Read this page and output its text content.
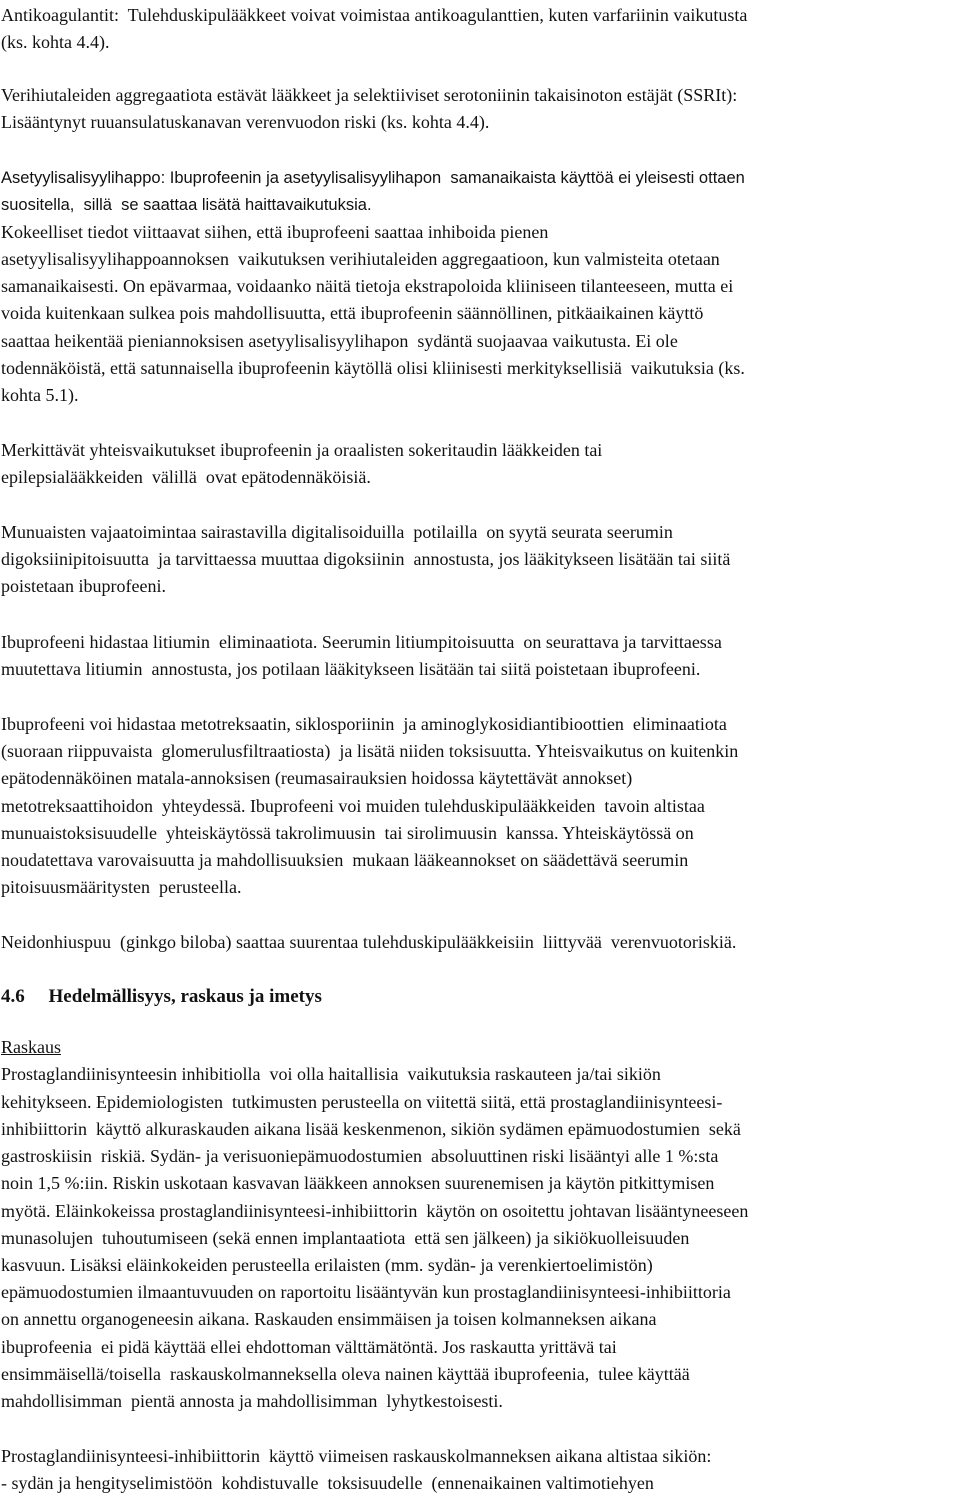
Antikoagulantit:  Tulehduskipulääkkeet voivat voimistaa antikoagulanttien, kuten varfariinin vaikutusta
(ks. kohta 4.4).
Verihiutaleiden aggregaatiota estävät lääkkeet ja selektiiviset serotoniinin takaisinoton estäjät (SSRIt):
Lisääntynyt ruuansulatuskanavan verenvuodon riski (ks. kohta 4.4).
Asetyylisalisyylihappo: Ibuprofeenin ja asetyylisalisyylihapon  samanaikaista käyttöä ei yleisesti ottaen
suositella,  sillä  se saattaa lisätä haittavaikutuksia.
Kokeelliset tiedot viittaavat siihen, että ibuprofeeni saattaa inhiboida pienen
asetyylisalisyylihappoannoksen  vaikutuksen verihiutaleiden aggregaatioon, kun valmisteita otetaan
samanaikaisesti. On epävarmaa, voidaanko näitä tietoja ekstrapoloida kliiniseen tilanteeseen, mutta ei
voida kuitenkaan sulkea pois mahdollisuutta, että ibuprofeenin säännöllinen, pitkäaikainen käyttö
saattaa heikentää pieniannoksisen asetyylisalisyylihapon  sydäntä suojaavaa vaikutusta. Ei ole
todennäköistä, että satunnaisella ibuprofeenin käytöllä olisi kliinisesti merkityksellisiä  vaikutuksia (ks.
kohta 5.1).
Merkittävät yhteisvaikutukset ibuprofeenin ja oraalisten sokeritaudin lääkkeiden tai
epilepsialääkkeiden  välillä  ovat epätodennäköisiä.
Munuaisten vajaatoimintaa sairastavilla digitalisoiduilla  potilailla  on syytä seurata seerumin
digoksiinipitoisuutta  ja tarvittaessa muuttaa digoksiinin  annostusta, jos lääkitykseen lisätään tai siitä
poistetaan ibuprofeeni.
Ibuprofeeni hidastaa litiumin  eliminaatiota. Seerumin litiumpitoisuutta  on seurattava ja tarvittaessa
muutettava litiumin  annostusta, jos potilaan lääkitykseen lisätään tai siitä poistetaan ibuprofeeni.
Ibuprofeeni voi hidastaa metotreksaatin, siklosporiinin  ja aminoglykosidiantibioottien  eliminaatiota
(suoraan riippuvaista  glomerulusfiltraatiosta)  ja lisätä niiden toksisuutta. Yhteisvaikutus on kuitenkin
epätodennäköinen matala-annoksisen (reumasairauksien hoidossa käytettävät annokset)
metotreksaattihoidon  yhteydessä. Ibuprofeeni voi muiden tulehduskipulääkkeiden  tavoin altistaa
munuaistoksisuudelle  yhteiskäytössä takrolimuusin  tai sirolimuusin  kanssa. Yhteiskäytössä on
noudatettava varovaisuutta ja mahdollisuuksien  mukaan lääkeannokset on säädettävä seerumin
pitoisuusmääritysten  perusteella.
Neidonhiuspuu  (ginkgo biloba) saattaa suurentaa tulehduskipulääkkeisiin  liittyvää  verenvuotoriskiä.
4.6     Hedelmällisyys, raskaus ja imetys
Raskaus
Prostaglandiinisynteesin inhibitiolla  voi olla haitallisia  vaikutuksia raskauteen ja/tai sikiön
kehitykseen. Epidemiologisten  tutkimusten perusteella on viitettä siitä, että prostaglandiinisynteesi-
inhibiittorin  käyttö alkuraskauden aikana lisää keskenmenon, sikiön sydämen epämuodostumien  sekä
gastroskiisin  riskiä. Sydän- ja verisuoniepämuodostumien  absoluuttinen riski lisääntyi alle 1 %:sta
noin 1,5 %:iin. Riskin uskotaan kasvavan lääkkeen annoksen suurenemisen ja käytön pitkittymisen
myötä. Eläinkokeissa prostaglandiinisynteesi-inhibiittorin  käytön on osoitettu johtavan lisääntyneeseen
munasolujen  tuhoutumiseen (sekä ennen implantaatiota  että sen jälkeen) ja sikiökuolleisuuden
kasvuun. Lisäksi eläinkokeiden perusteella erilaisten (mm. sydän- ja verenkiertoelimistön)
epämuodostumien ilmaantuvuuden on raportoitu lisääntyvän kun prostaglandiinisynteesi-inhibiittoria
on annettu organogeneesin aikana. Raskauden ensimmäisen ja toisen kolmanneksen aikana
ibuprofeenia  ei pidä käyttää ellei ehdottoman välttämätöntä. Jos raskautta yrittävä tai
ensimmäisellä/toisella  raskauskolmanneksella oleva nainen käyttää ibuprofeenia,  tulee käyttää
mahdollisimman  pientä annosta ja mahdollisimman  lyhytkestoisesti.
Prostaglandiinisynteesi-inhibiittorin  käyttö viimeisen raskauskolmanneksen aikana altistaa sikiön:
- sydän ja hengityselimistöön  kohdistuvalle  toksisuudelle  (ennenaikainen valtimotiehyen
